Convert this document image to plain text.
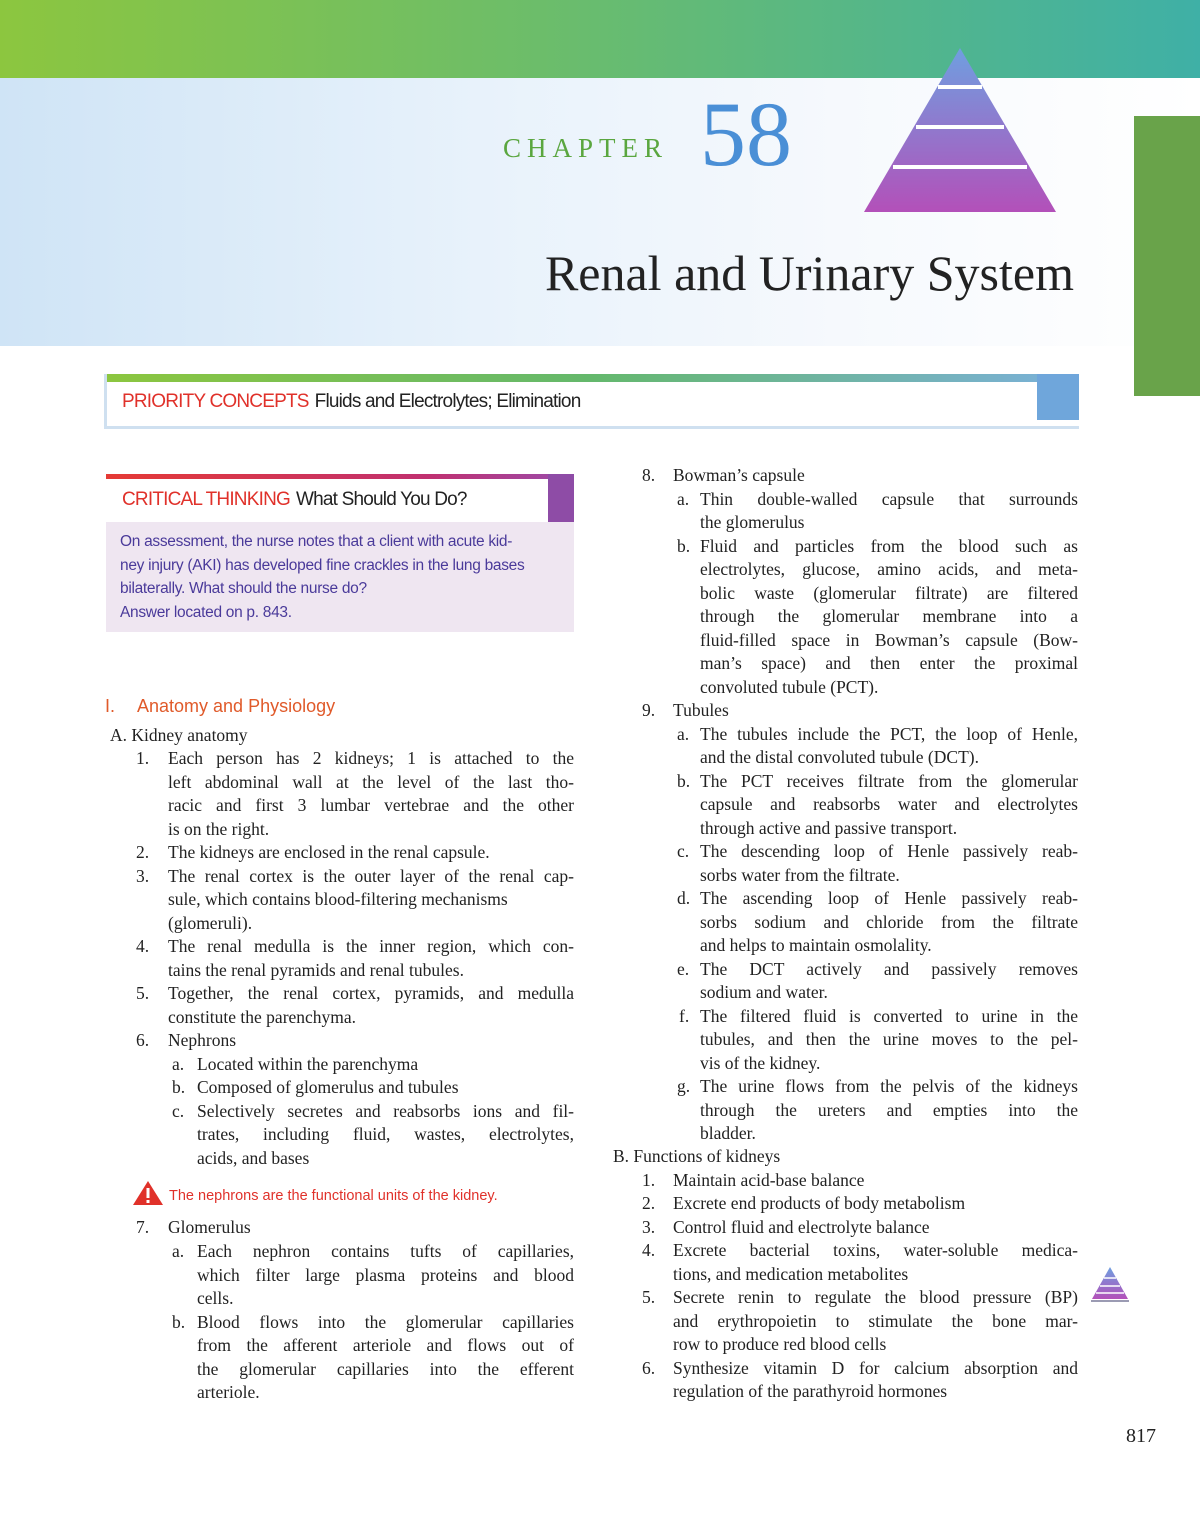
CHAPTER 58
Renal and Urinary System
PRIORITY CONCEPTS Fluids and Electrolytes; Elimination
CRITICAL THINKING What Should You Do?
On assessment, the nurse notes that a client with acute kid-
ney injury (AKI) has developed fine crackles in the lung bases
bilaterally. What should the nurse do?
Answer located on p. 843.
I. Anatomy and Physiology
A. Kidney anatomy
1. Each person has 2 kidneys; 1 is attached to the
left abdominal wall at the level of the last tho-
racic and first 3 lumbar vertebrae and the other
is on the right.
2. The kidneys are enclosed in the renal capsule.
3. The renal cortex is the outer layer of the renal cap-
sule, which contains blood-filtering mechanisms
(glomeruli).
4. The renal medulla is the inner region, which con-
tains the renal pyramids and renal tubules.
5. Together, the renal cortex, pyramids, and medulla
constitute the parenchyma.
6. Nephrons
a. Located within the parenchyma
b. Composed of glomerulus and tubules
c. Selectively secretes and reabsorbs ions and fil-
trates, including fluid, wastes, electrolytes,
acids, and bases
7. Glomerulus
a. Each nephron contains tufts of capillaries,
which filter large plasma proteins and blood
cells.
b. Blood flows into the glomerular capillaries
from the afferent arteriole and flows out of
the glomerular capillaries into the efferent
arteriole.
The nephrons are the functional units of the kidney.
8. Bowman’s capsule
a. Thin double-walled capsule that surrounds
the glomerulus
b. Fluid and particles from the blood such as
electrolytes, glucose, amino acids, and meta-
bolic waste (glomerular filtrate) are filtered
through the glomerular membrane into a
fluid-filled space in Bowman’s capsule (Bow-
man’s space) and then enter the proximal
convoluted tubule (PCT).
9. Tubules
a. The tubules include the PCT, the loop of Henle,
and the distal convoluted tubule (DCT).
b. The PCT receives filtrate from the glomerular
capsule and reabsorbs water and electrolytes
through active and passive transport.
c. The descending loop of Henle passively reab-
sorbs water from the filtrate.
d. The ascending loop of Henle passively reab-
sorbs sodium and chloride from the filtrate
and helps to maintain osmolality.
e. The DCT actively and passively removes
sodium and water.
f. The filtered fluid is converted to urine in the
tubules, and then the urine moves to the pel-
vis of the kidney.
g. The urine flows from the pelvis of the kidneys
through the ureters and empties into the
bladder.
B. Functions of kidneys
1. Maintain acid-base balance
2. Excrete end products of body metabolism
3. Control fluid and electrolyte balance
4. Excrete bacterial toxins, water-soluble medica-
tions, and medication metabolites
5. Secrete renin to regulate the blood pressure (BP)
and erythropoietin to stimulate the bone mar-
row to produce red blood cells
6. Synthesize vitamin D for calcium absorption and
regulation of the parathyroid hormones
817
